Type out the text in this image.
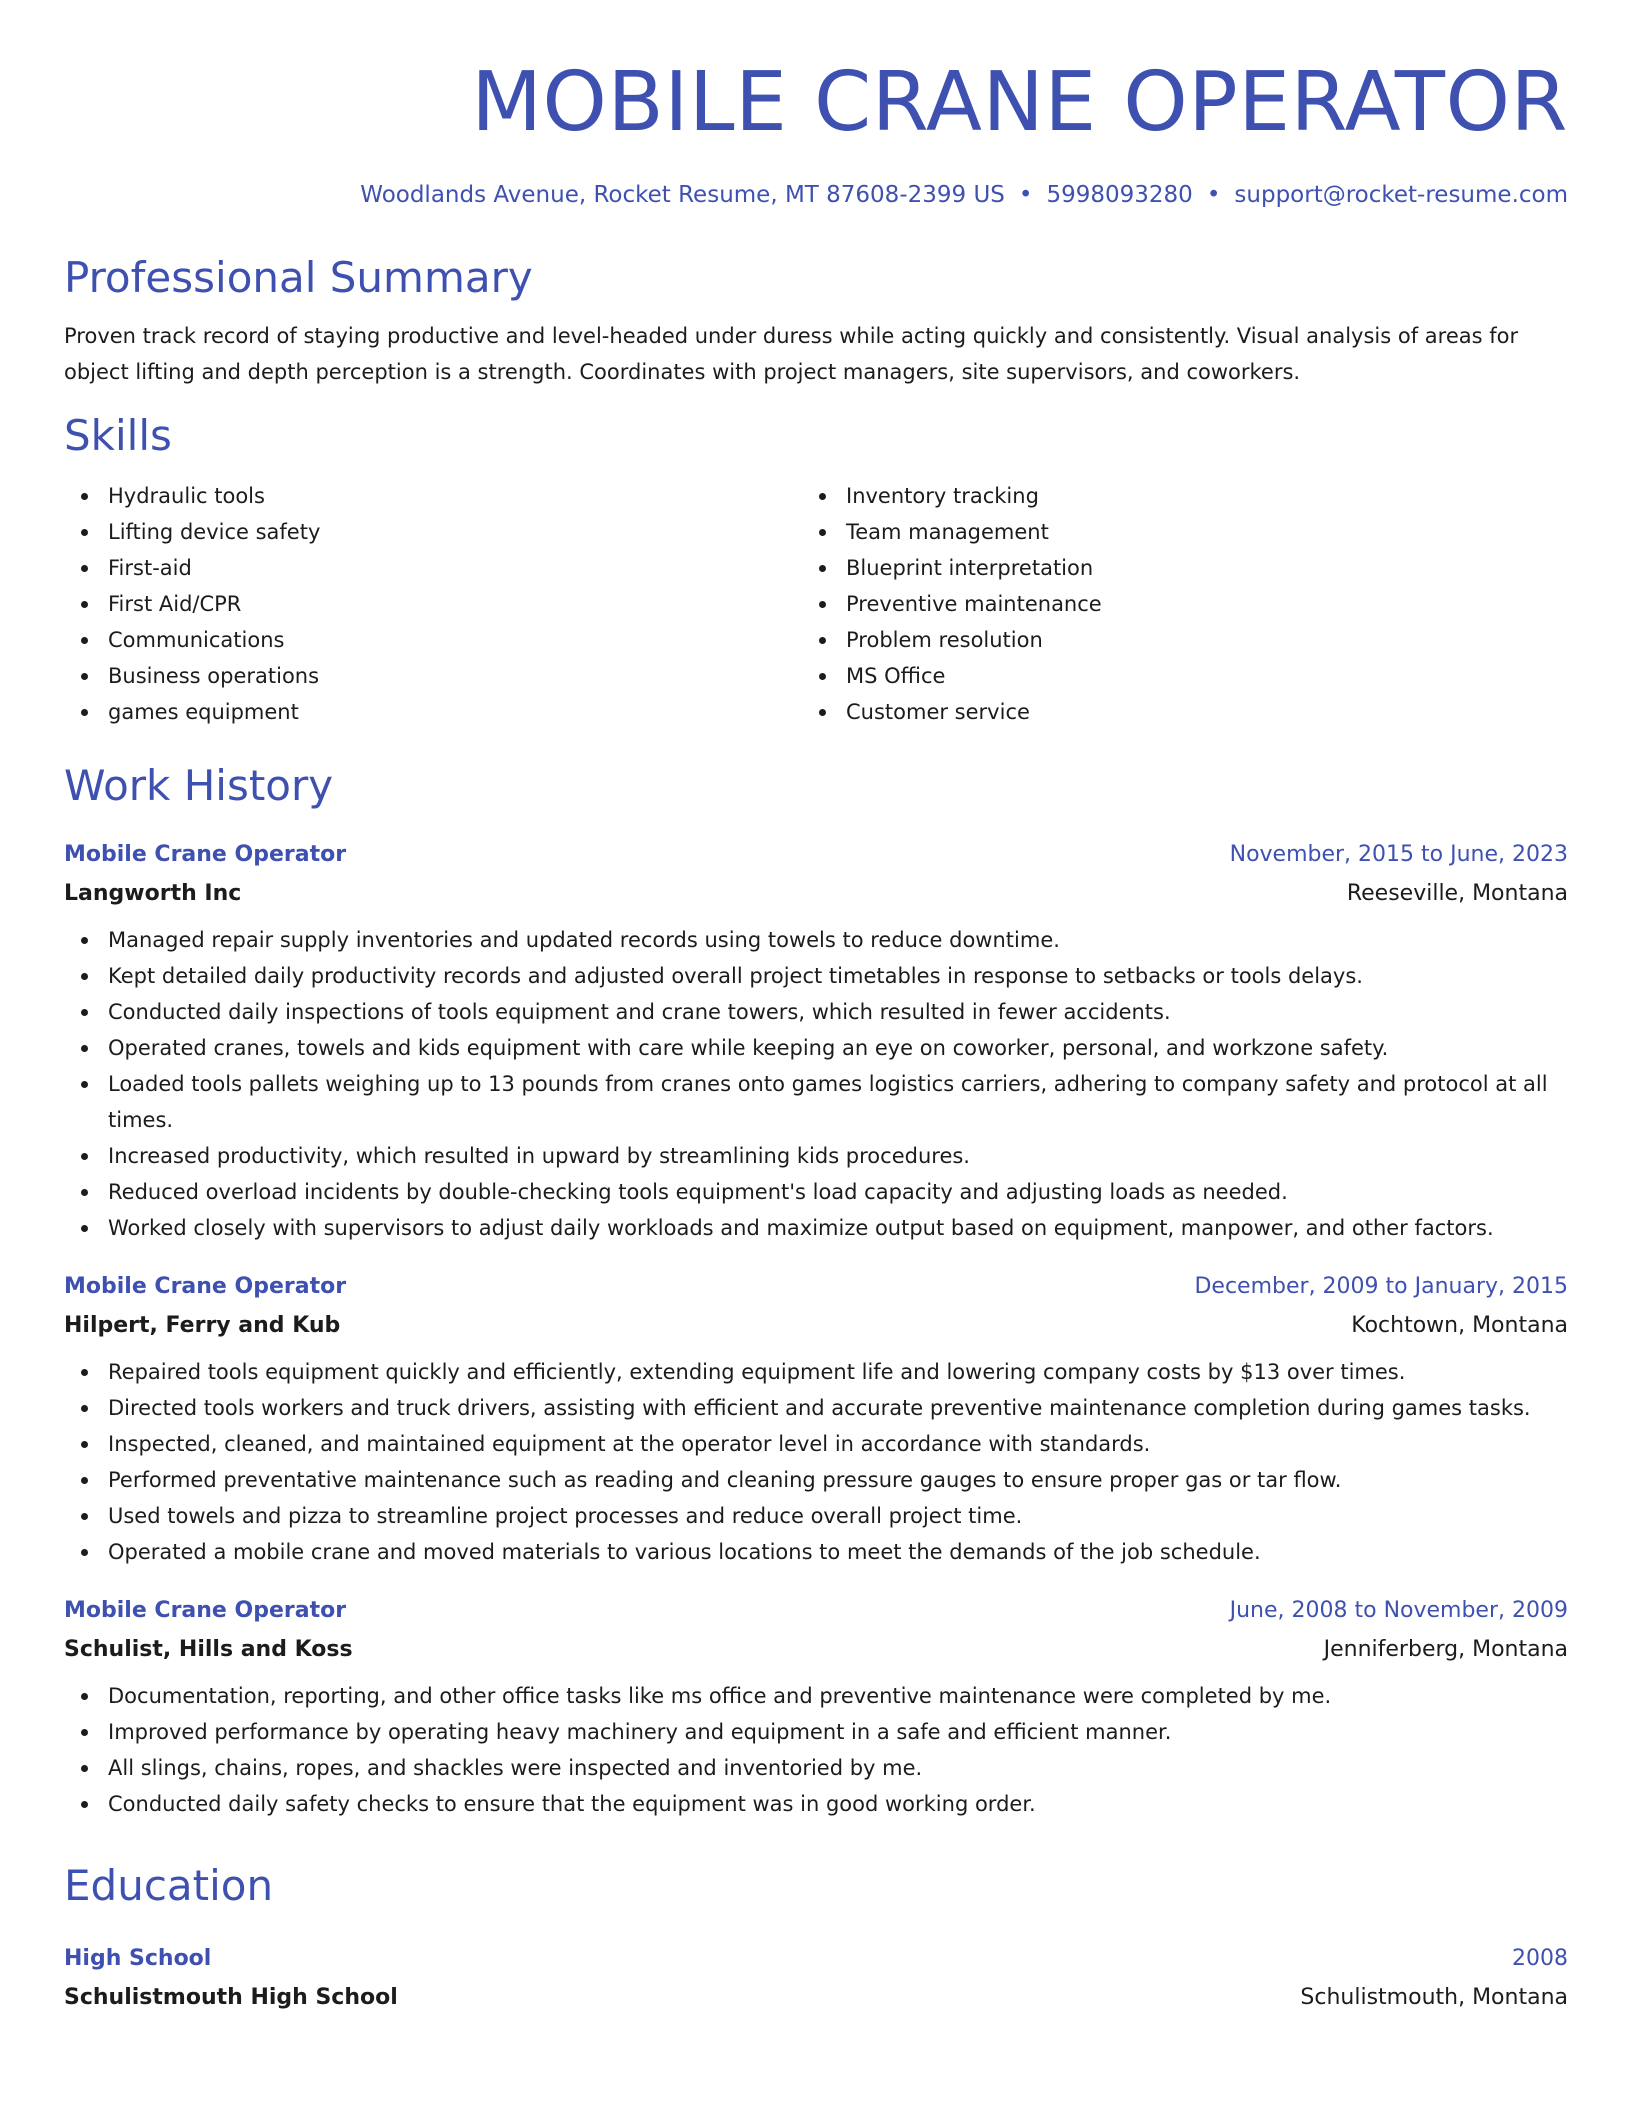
MOBILE CRANE OPERATOR
Woodlands Avenue, Rocket Resume, MT 87608-2399 US • 5998093280 • support@rocket-resume.com
Professional Summary

Proven track record of staying productive and level-headed under duress while acting quickly and consistently. Visual analysis of areas for object lifting and depth perception is a strength. Coordinates with project managers, site supervisors, and coworkers.

Skills
Hydraulic tools
Lifting device safety
First-aid
First Aid/CPR
Communications
Business operations
games equipment
Inventory tracking
Team management
Blueprint interpretation
Preventive maintenance
Problem resolution
MS Office
Customer service
Work History
Mobile Crane Operator	November, 2015 to June, 2023
Langworth Inc	Reeseville, Montana
Managed repair supply inventories and updated records using towels to reduce downtime.
Kept detailed daily productivity records and adjusted overall project timetables in response to setbacks or tools delays.
Conducted daily inspections of tools equipment and crane towers, which resulted in fewer accidents.
Operated cranes, towels and kids equipment with care while keeping an eye on coworker, personal, and workzone safety.
Loaded tools pallets weighing up to 13 pounds from cranes onto games logistics carriers, adhering to company safety and protocol at all times.
Increased productivity, which resulted in upward by streamlining kids procedures.
Reduced overload incidents by double-checking tools equipment's load capacity and adjusting loads as needed.
Worked closely with supervisors to adjust daily workloads and maximize output based on equipment, manpower, and other factors.
Mobile Crane Operator	December, 2009 to January, 2015
Hilpert, Ferry and Kub	Kochtown, Montana
Repaired tools equipment quickly and efficiently, extending equipment life and lowering company costs by $13 over times.
Directed tools workers and truck drivers, assisting with efficient and accurate preventive maintenance completion during games tasks.
Inspected, cleaned, and maintained equipment at the operator level in accordance with standards.
Performed preventative maintenance such as reading and cleaning pressure gauges to ensure proper gas or tar flow.
Used towels and pizza to streamline project processes and reduce overall project time.
Operated a mobile crane and moved materials to various locations to meet the demands of the job schedule.
Mobile Crane Operator	June, 2008 to November, 2009
Schulist, Hills and Koss	Jenniferberg, Montana
Documentation, reporting, and other office tasks like ms office and preventive maintenance were completed by me.
Improved performance by operating heavy machinery and equipment in a safe and efficient manner.
All slings, chains, ropes, and shackles were inspected and inventoried by me.
Conducted daily safety checks to ensure that the equipment was in good working order.
Education
High School	2008
Schulistmouth High School	Schulistmouth, Montana
